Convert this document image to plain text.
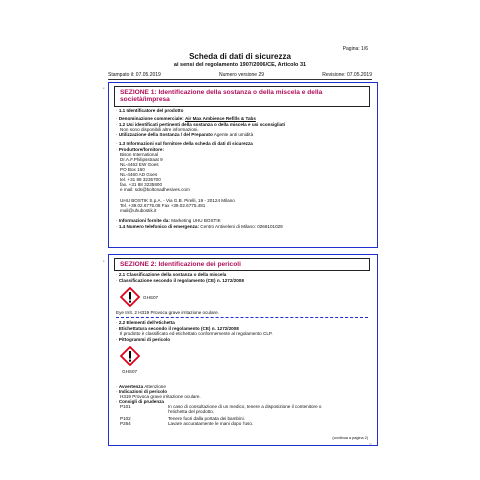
Pagina: 1/6
Scheda di dati di sicurezza
ai sensi del regolamento 1907/2006/CE, Articolo 31
Stampato il: 07.05.2019	Numero versione 29	Revisione: 07.05.2019
*
SEZIONE 1: Identificazione della sostanza o della miscela e della società/impresa
· 1.1 Identificatore del prodotto
· Denominazione commerciale: Air Max Ambience Refills & Tabs
· 1.2 Usi identificati pertinenti della sostanza o della miscela e usi sconsigliati
Non sono disponibili altre informazioni.
· Utilizzazione della Sostanza / del Preparato Agente anti umidità
· 1.3 Informazioni sul fornitore della scheda di dati di sicurezza
· Produttore/fornitore:
Bison International
Dr.A.F.Philipsstraat 9
NL-4462 EW Goes
PO Box 160
NL-4460 AD Goes
tel. +31 88 3235700
fax. +31 88 3235800
e mail: sds@boltonadhesives.com
UHU BOSTIK S.p.A. - Via G.B. Pirelli, 19 - 20124 Milano
Tel. +39.02.6775.08 Fax +39.02.6775.481
mail@uhubostik.it
· Informazioni fornite da: Marketing UHU BOSTIK
· 1.4 Numero telefonico di emergenza: Centro Antiveleni di Milano: 0266101029
*	SEZIONE 2: Identificazione dei pericoli
· 2.1 Classificazione della sostanza o della miscela
· Classificazione secondo il regolamento (CE) n. 1272/2008
GHS07
Eye Irrit. 2 H319 Provoca grave irritazione oculare.
· 2.2 Elementi dell'etichetta
· Etichettatura secondo il regolamento (CE) n. 1272/2008
Il prodotto è classificato ed etichettato conformemente al regolamento CLP.
· Pittogrammi di pericolo
GHS07
· Avvertenza Attenzione
· Indicazioni di pericolo
H319 Provoca grave irritazione oculare.
· Consigli di prudenza
P101	In caso di consultazione di un medico, tenere a disposizione il contenitore o
l'etichetta del prodotto.
P102	Tenere fuori dalla portata dei bambini.
P264	Lavare accuratamente le mani dopo l'uso.
(continua a pagina 2)
IT
